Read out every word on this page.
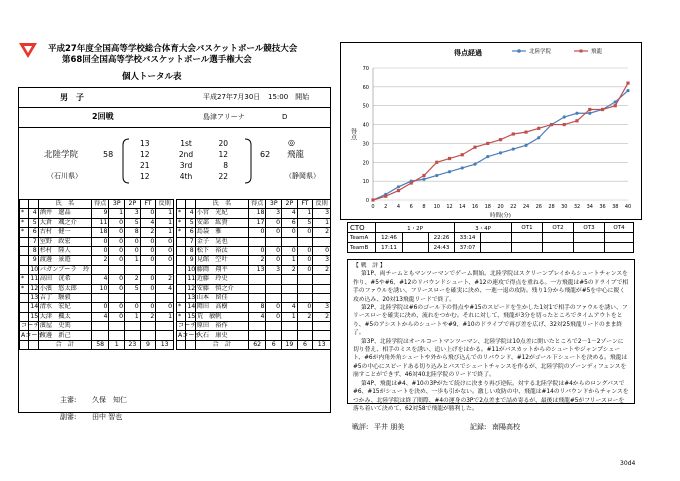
平成27年度全国高等学校総合体育大会バスケットボール競技大会
第68回全国高等学校バスケットボール選手権大会
個人トータル表
男　子	平成27年7月30日 15:00　開始
2回戦	島津アリーナ	D
北陸学院	58
（石川県）
13	1st	20
12	2nd	12
21	3rd	8
12	4th	22
◎
62 飛龍
（静岡県）
		氏　名	得点	3P	2P	FT	反則
*	4	酒井　遼晶	9	1	3	0	1
*	5	大倉　颯之介	11	0	5	4	1
*	6	古村　健一	18	0	8	2	1
	7	室野　政宏	0	0	0	0	0
	8	杉村　陸人	0	0	0	0	0
	9	渡邊　景遊	2	0	1	0	0
	10	バガンブーラ　玲					
*	11	高田　洸希	4	0	2	0	2
*	12	小濱　悠太郎	10	0	5	0	4
	13	吉丁　駿毅					
	14	清水　宏紀	0	0	0	0	0
	15	大津　楓太	4	0	1	2	1
コーチ		濱屋　史篤					
Aコーチ		渡邊　新己					
		合　計	58	1	23	9	13
		氏　名	得点	3P	2P	FT	反則
*	4	小宮　光紀	18	3	4	1	3
*	5	安部　紘貴	17	0	6	5	1
*	6	島袋　雅	0	0	0	0	2
	7	金子　晃也					
	8	松下　裕汰	0	0	0	0	0
	9	見館　空叶	2	0	1	0	3
	10	藤岡　翔平	13	3	2	0	2
	11	近藤　玲史					
	12	安藤　慎之介					
	13	山本　留佳					
*	14	岡田　高樹	8	0	4	0	3
*	15	荒　敏帆	4	0	1	2	2
コーチ		原田　裕作					
Aコーチ		大石　康史					
		合　計	62	6	19	6	13
主審: 久保　知仁
副審: 田中 智也
0
10
20
30
40
50
60
70
0 2 4 6 8 10 12 14 16 18 20 22 24 26 28 30 32 34 36 38 40
得点経過
時間(分)
得点
北陸学院	飛龍
CTO	1・2P			3・4P		OT1	OT2	OT3	OT4
TeamA	12:46		22:26	33:14					
TeamB	17:11		24:43	37:07					
【 戦　評 】

第1P、両チームともマンツーマンでゲーム開始。北陸学院はスクリーンプレイからシュートチャンスを作り、#5や#6、#12のリバウンドシュート、#12の連攻で得点を重ねる。一方飛龍は#5のドライブで相手のファウルを誘い、フリースローを確実に決め、一進一退の攻防。残り1分から飛龍が#5を中心に鋭く攻め込み、20対13飛龍リードで終了。

第2P、北陸学院は#6のゴール下の得点や#15のスピードを生かした1対1で相手のファウルを誘い、フリースローを確実に決め、流れをつかむ。それに対して、飛龍が3分を切ったところでタイムアウトをとり、#5のアシストからのシュートや#9、#10のドライブで再び差を広げ、32対25飛龍リードのまま終了。

第3P、北陸学院はオールコートマンツーマン、北陸学院は10点差に開いたところで2－1－2ゾーンに切り替え、相手のミスを誘い、追い上げをはかる。#11がバスカットからのシュートやジャンプシュート、#6が内角外角シュートや外から飛び込んでのリバウンド、#12がゴール下シュートを決める。飛龍は#5の中心にスピードある切り込みとパスでシュートチャンスを作るが、北陸学院のゾーンディフェンスを崩すことができず、46対40北陸学院のリードで終了。

第4P、飛龍は#4、#10の3Pがたて続けに決まり再び逆転。対する北陸学院は#4からのロングパスで#6、#15がシュートを決め、一歩も引かない。激しい攻防の中、飛龍は#14のリバウンドからチャンスをつかみ、北陸学院は終了間際、#4の運身の3Pで2点差まで詰め寄るが、最後は飛龍#5がフリースローを落ち着いて決めて、62対58で飛龍が勝利した。

戦評: 平井 朋美	記録: 南陽高校
30d4
